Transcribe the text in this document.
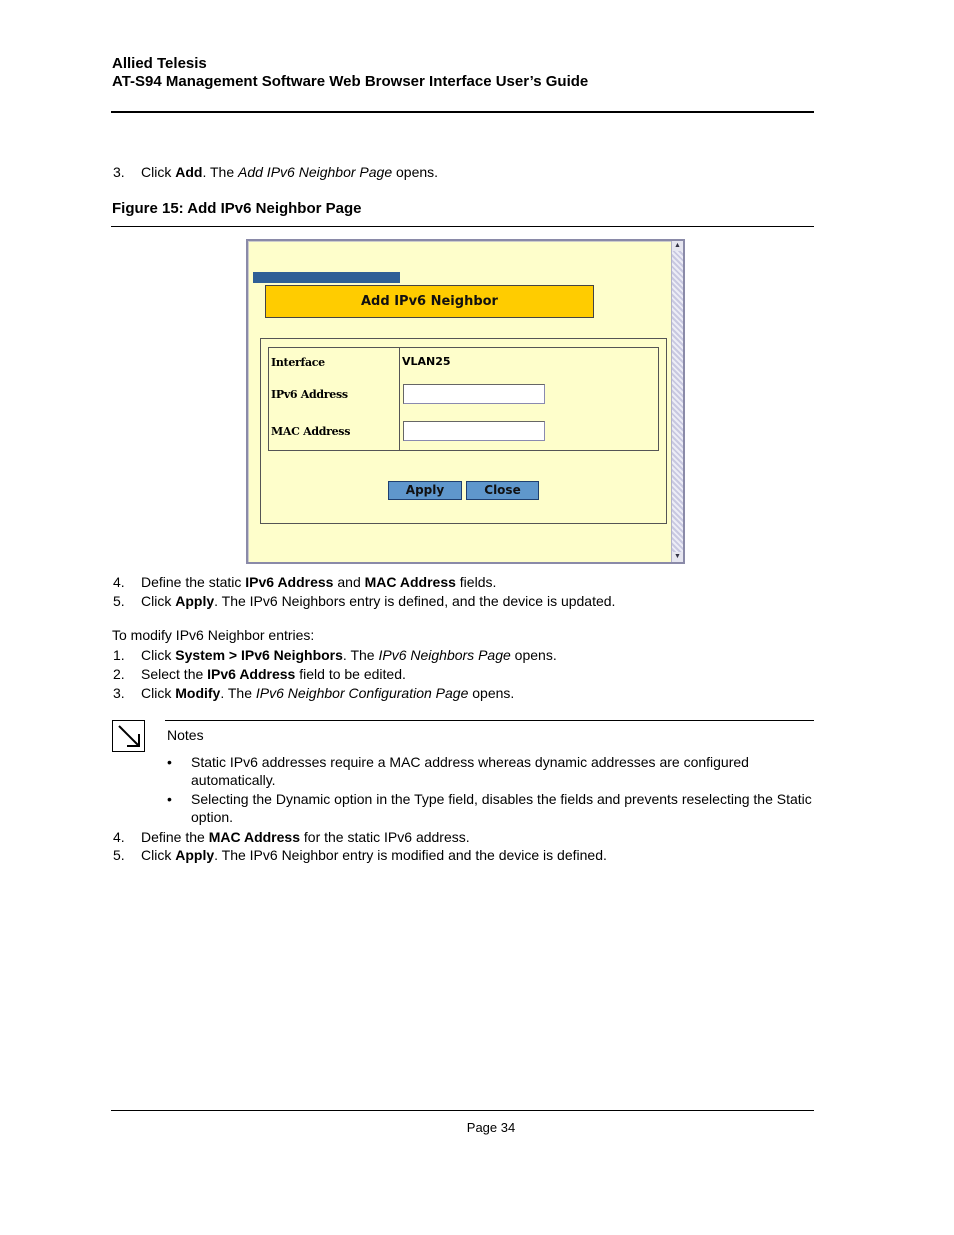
Allied Telesis
AT-S94 Management Software Web Browser Interface User’s Guide
3. Click Add. The Add IPv6 Neighbor Page opens.
Figure 15: Add IPv6 Neighbor Page
Add IPv6 Neighbor
Interface	VLAN25
IPv6 Address
MAC Address
Apply	Close
▲
▼
4. Define the static IPv6 Address and MAC Address fields.
5. Click Apply. The IPv6 Neighbors entry is defined, and the device is updated.
To modify IPv6 Neighbor entries:
1. Click System > IPv6 Neighbors. The IPv6 Neighbors Page opens.
2. Select the IPv6 Address field to be edited.
3. Click Modify. The IPv6 Neighbor Configuration Page opens.
Notes
• Static IPv6 addresses require a MAC address whereas dynamic addresses are configured automatically.
• Selecting the Dynamic option in the Type field, disables the fields and prevents reselecting the Static option.
4. Define the MAC Address for the static IPv6 address.
5. Click Apply. The IPv6 Neighbor entry is modified and the device is defined.
Page 34
